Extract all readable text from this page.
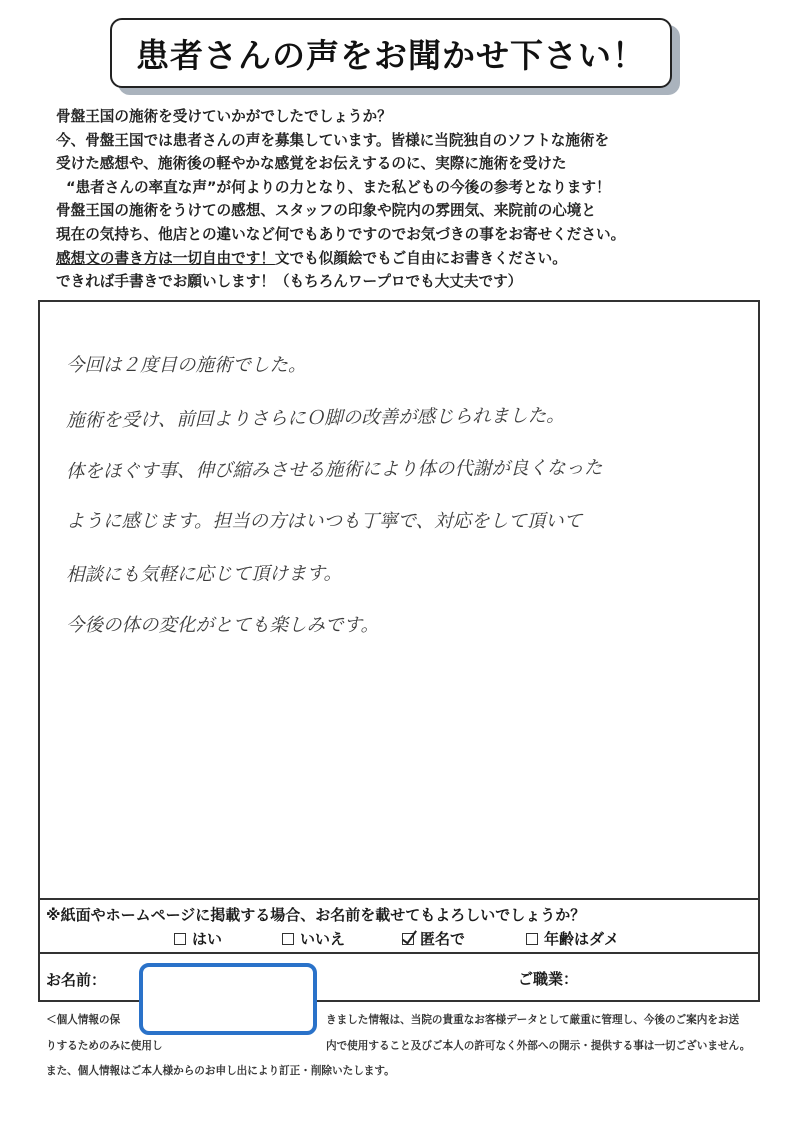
患者さんの声をお聞かせ下さい！
骨盤王国の施術を受けていかがでしたでしょうか？
今、骨盤王国では患者さんの声を募集しています。皆様に当院独自のソフトな施術を
受けた感想や、施術後の軽やかな感覚をお伝えするのに、実際に施術を受けた
“患者さんの率直な声”が何よりの力となり、また私どもの今後の参考となります！
骨盤王国の施術をうけての感想、スタッフの印象や院内の雰囲気、来院前の心境と
現在の気持ち、他店との違いなど何でもありですのでお気づきの事をお寄せください。
感想文の書き方は一切自由です！文でも似顔絵でもご自由にお書きください。
できれば手書きでお願いします！（もちろんワープロでも大丈夫です）
今回は２度目の施術でした。
施術を受け、前回よりさらにＯ脚の改善が感じられました。
体をほぐす事、伸び縮みさせる施術により体の代謝が良くなった
ように感じます。担当の方はいつも丁寧で、対応をして頂いて
相談にも気軽に応じて頂けます。
今後の体の変化がとても楽しみです。
※紙面やホームページに掲載する場合、お名前を載せてもよろしいでしょうか？
はい	いいえ	匿名で	年齢はダメ
お名前：	ご職業：
＜個人情報の保	きました情報は、当院の貴重なお客様データとして厳重に管理し、今後のご案内をお送
りするためのみに使用し	内で使用すること及びご本人の許可なく外部への開示・提供する事は一切ございません。
また、個人情報はご本人様からのお申し出により訂正・削除いたします。
